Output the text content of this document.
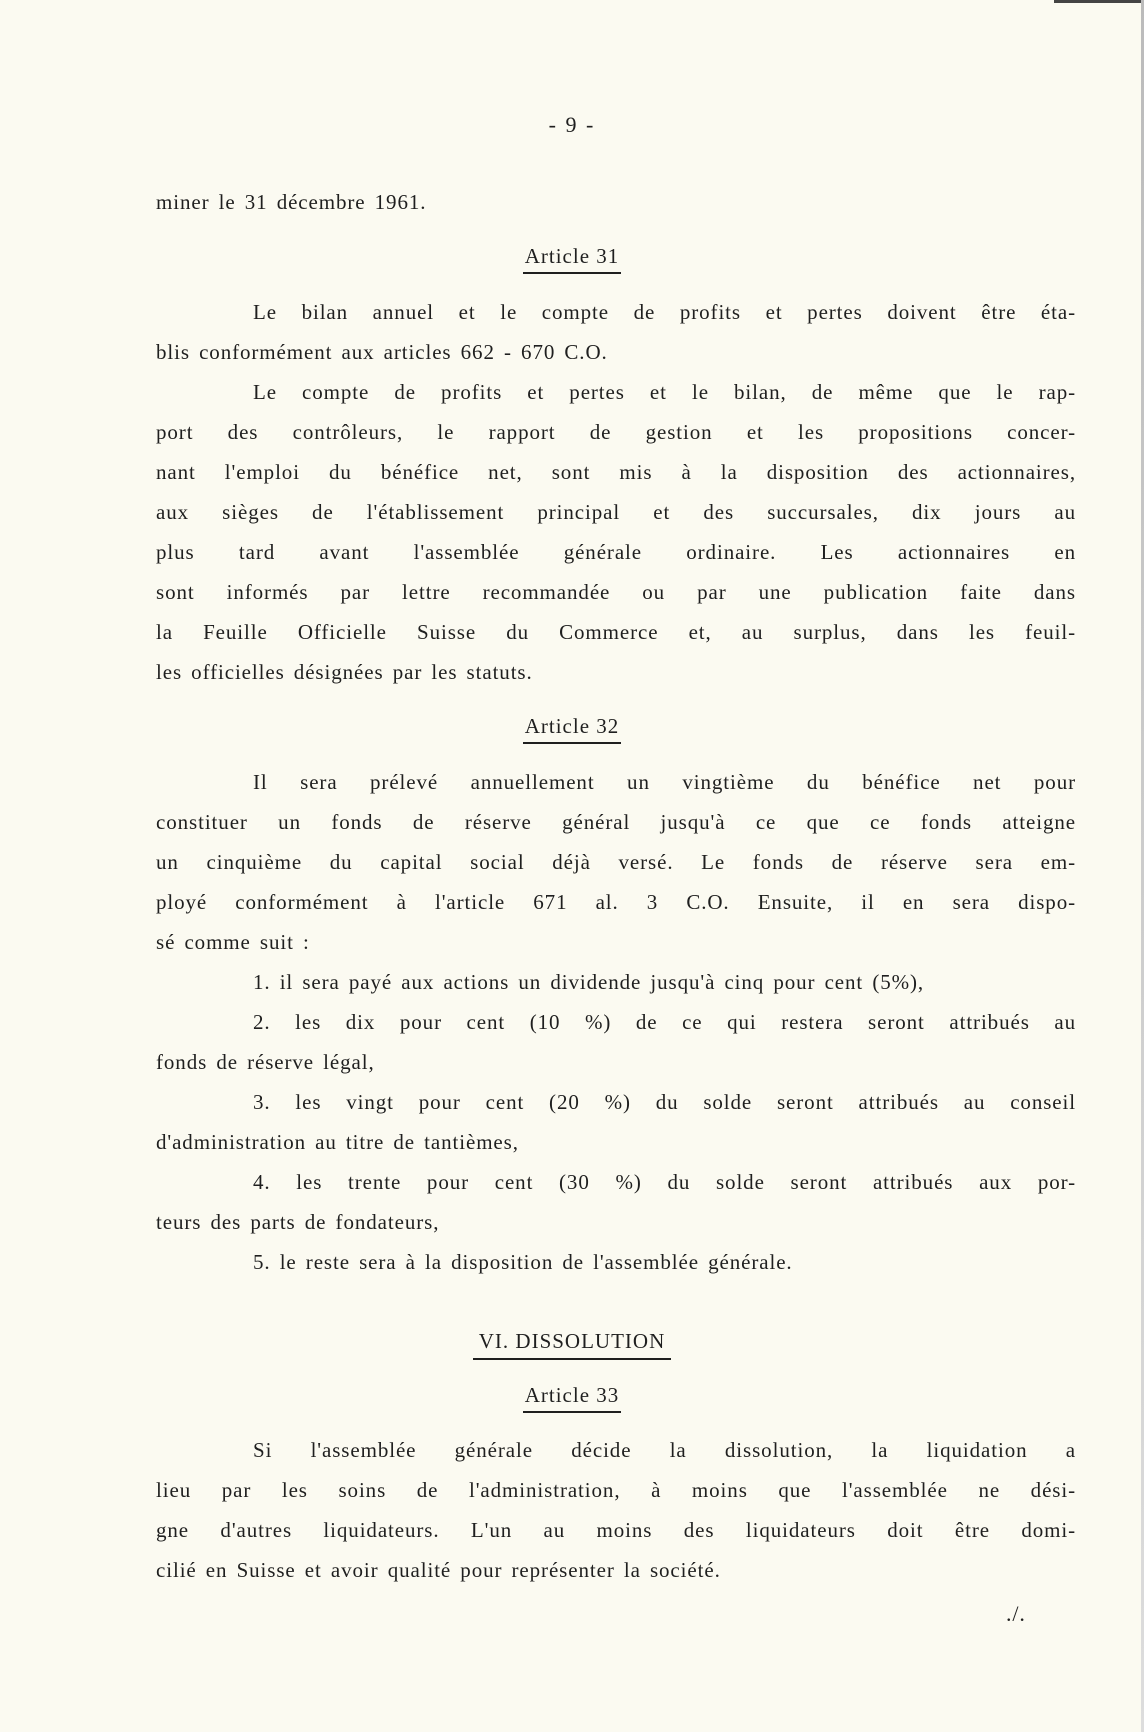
- 9 -
miner le 31 décembre 1961.
Article 31
Le bilan annuel et le compte de profits et pertes doivent être éta-
blis conformément aux articles 662 - 670 C.O.
Le compte de profits et pertes et le bilan, de même que le rap-
port des contrôleurs, le rapport de gestion et les propositions concer-
nant l'emploi du bénéfice net, sont mis à la disposition des actionnaires,
aux sièges de l'établissement principal et des succursales, dix jours au
plus tard avant l'assemblée générale ordinaire. Les actionnaires en
sont informés par lettre recommandée ou par une publication faite dans
la Feuille Officielle Suisse du Commerce et, au surplus, dans les feuil-
les officielles désignées par les statuts.
Article 32
Il sera prélevé annuellement un vingtième du bénéfice net pour
constituer un fonds de réserve général jusqu'à ce que ce fonds atteigne
un cinquième du capital social déjà versé. Le fonds de réserve sera em-
ployé conformément à l'article 671 al. 3 C.O. Ensuite, il en sera dispo-
sé comme suit :
1. il sera payé aux actions un dividende jusqu'à cinq pour cent (5%),
2. les dix pour cent (10 %) de ce qui restera seront attribués au
fonds de réserve légal,
3. les vingt pour cent (20 %) du solde seront attribués au conseil
d'administration au titre de tantièmes,
4. les trente pour cent (30 %) du solde seront attribués aux por-
teurs des parts de fondateurs,
5. le reste sera à la disposition de l'assemblée générale.
VI. DISSOLUTION
Article 33
Si l'assemblée générale décide la dissolution, la liquidation a
lieu par les soins de l'administration, à moins que l'assemblée ne dési-
gne d'autres liquidateurs. L'un au moins des liquidateurs doit être domi-
cilié en Suisse et avoir qualité pour représenter la société.
./.
